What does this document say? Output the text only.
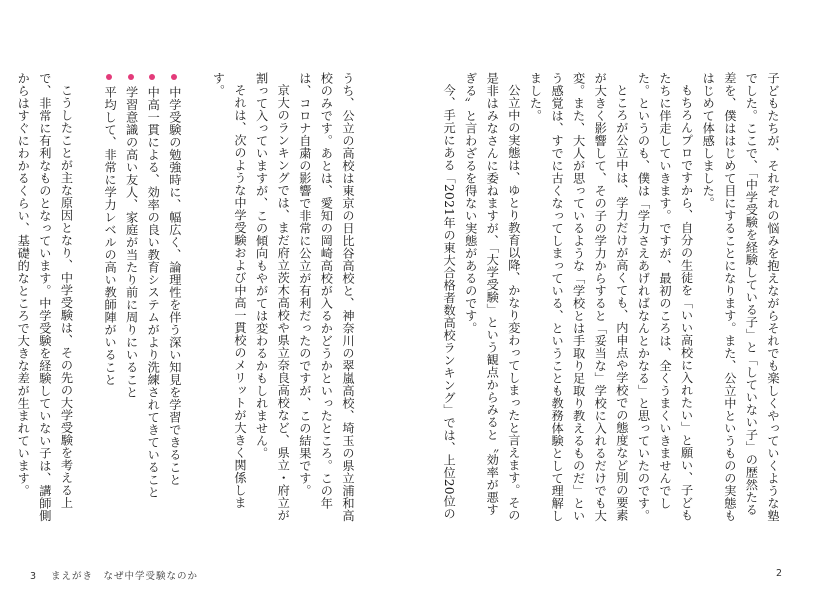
うち、公立の高校は東京の日比谷高校と、神奈川の翠嵐高校、埼玉の県立浦和高校のみです。あとは、愛知の岡崎高校が入るかどうかといったところ。この年は、コロナ自粛の影響で非常に公立が有利だったのですが、この結果です。

京大のランキングでは、まだ府立茨木高校や県立奈良高校など、県立・府立が割って入っていますが、この傾向もやがては変わるかもしれません。

それは、次のような中学受験および中高一貫校のメリットが大きく関係します。

中学受験の勉強時に、幅広く、論理性を伴う深い知見を学習できること
中高一貫による、効率の良い教育システムがより洗練されてきていること
学習意識の高い友人、家庭が当たり前に周りにいること
平均して、非常に学力レベルの高い教師陣がいること

こうしたことが主な原因となり、中学受験は、その先の大学受験を考える上で、非常に有利なものとなっています。中学受験を経験していない子は、講師側からはすぐにわかるくらい、基礎的なところで大きな差が生まれています。

3 まえがき　なぜ中学受験なのか

子どもたちが、それぞれの悩みを抱えながらそれでも楽しくやっていくような塾でした。ここで、「中学受験を経験している子」と「していない子」の歴然たる差を、僕ははじめて目にすることになります。また、公立中というものの実態もはじめて体感しました。

もちろんプロですから、自分の生徒を「いい高校に入れたい」と願い、子どもたちに伴走していきます。ですが、最初のころは、全くうまくいきませんでした。というのも、僕は「学力さえあげればなんとかなる」と思っていたのです。

ところが公立中は、学力だけが高くても、内申点や学校での態度など別の要素が大きく影響して、その子の学力からすると「妥当な」学校に入れるだけでも大変。また、大人が思っているような「学校とは手取り足取り教えるものだ」という感覚は、すでに古くなってしまっている、ということも教務体験として理解しました。

公立中の実態は、ゆとり教育以降、かなり変わってしまったと言えます。その是非はみなさんに委ねますが、「大学受験」という観点からみると〝効率が悪すぎる〟と言わざるを得ない実態があるのです。

今、手元にある「2021年の東大合格者数高校ランキング」では、上位20位の

2
